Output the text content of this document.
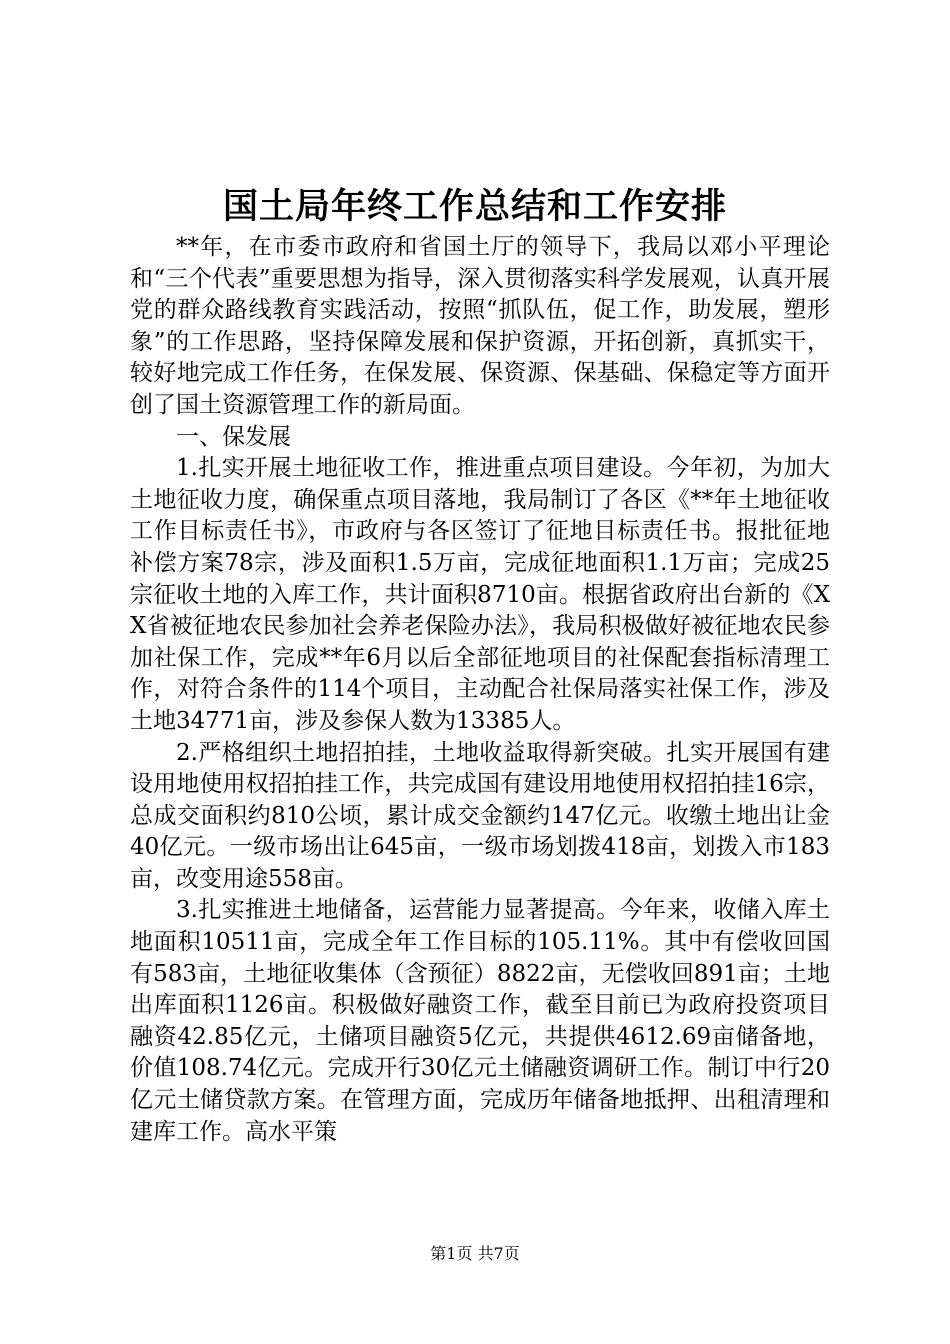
国土局年终工作总结和工作安排

**年，在市委市政府和省国土厅的领导下，我局以邓小平理论和“三个代表”重要思想为指导，深入贯彻落实科学发展观，认真开展党的群众路线教育实践活动，按照“抓队伍，促工作，助发展，塑形象”的工作思路，坚持保障发展和保护资源，开拓创新，真抓实干，较好地完成工作任务，在保发展、保资源、保基础、保稳定等方面开创了国土资源管理工作的新局面。

一、保发展

1.扎实开展土地征收工作，推进重点项目建设。今年初，为加大土地征收力度，确保重点项目落地，我局制订了各区《**年土地征收工作目标责任书》，市政府与各区签订了征地目标责任书。报批征地补偿方案78宗，涉及面积1.5万亩，完成征地面积1.1万亩；完成25宗征收土地的入库工作，共计面积8710亩。根据省政府出台新的《XX省被征地农民参加社会养老保险办法》，我局积极做好被征地农民参加社保工作，完成**年6月以后全部征地项目的社保配套指标清理工作，对符合条件的114个项目，主动配合社保局落实社保工作，涉及土地34771亩，涉及参保人数为13385人。

2.严格组织土地招拍挂，土地收益取得新突破。扎实开展国有建设用地使用权招拍挂工作，共完成国有建设用地使用权招拍挂16宗，总成交面积约810公顷，累计成交金额约147亿元。收缴土地出让金40亿元。一级市场出让645亩，一级市场划拨418亩，划拨入市183亩，改变用途558亩。

3.扎实推进土地储备，运营能力显著提高。今年来，收储入库土地面积10511亩，完成全年工作目标的105.11%。其中有偿收回国有583亩，土地征收集体（含预征）8822亩，无偿收回891亩；土地出库面积1126亩。积极做好融资工作，截至目前已为政府投资项目融资42.85亿元，土储项目融资5亿元，共提供4612.69亩储备地，价值108.74亿元。完成开行30亿元土储融资调研工作。制订中行20亿元土储贷款方案。在管理方面，完成历年储备地抵押、出租清理和建库工作。高水平策

第1页 共7页
